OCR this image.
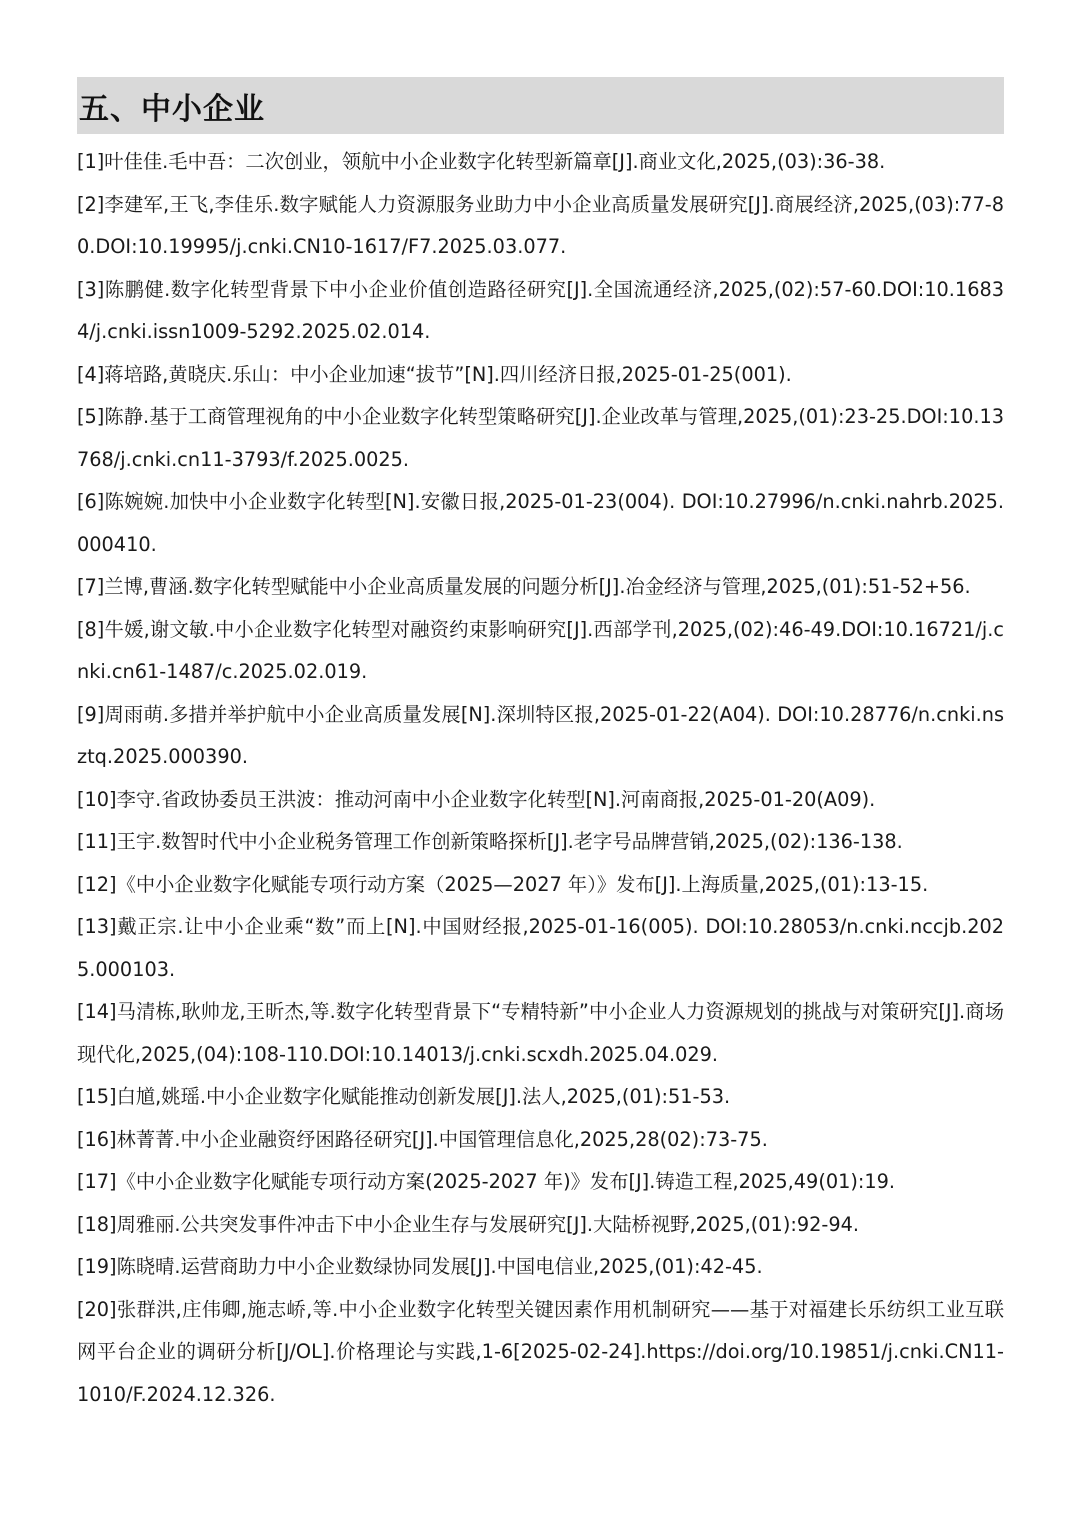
五、中小企业
[1]叶佳佳.毛中吾：二次创业，领航中小企业数字化转型新篇章[J].商业文化,2025,(03):36-38.
[2]李建军,王飞,李佳乐.数字赋能人力资源服务业助力中小企业高质量发展研究[J].商展经济,2025,(03):77-80.DOI:10.19995/j.cnki.CN10-1617/F7.2025.03.077.
[3]陈鹏健.数字化转型背景下中小企业价值创造路径研究[J].全国流通经济,2025,(02):57-60.DOI:10.16834/j.cnki.issn1009-5292.2025.02.014.
[4]蒋培路,黄晓庆.乐山：中小企业加速“拔节”[N].四川经济日报,2025-01-25(001).
[5]陈静.基于工商管理视角的中小企业数字化转型策略研究[J].企业改革与管理,2025,(01):23-25.DOI:10.13768/j.cnki.cn11-3793/f.2025.0025.
[6]陈婉婉.加快中小企业数字化转型[N].安徽日报,2025-01-23(004). DOI:10.27996/n.cnki.nahrb.2025.000410.
[7]兰博,曹涵.数字化转型赋能中小企业高质量发展的问题分析[J].冶金经济与管理,2025,(01):51-52+56.
[8]牛媛,谢文敏.中小企业数字化转型对融资约束影响研究[J].西部学刊,2025,(02):46-49.DOI:10.16721/j.cnki.cn61-1487/c.2025.02.019.
[9]周雨萌.多措并举护航中小企业高质量发展[N].深圳特区报,2025-01-22(A04). DOI:10.28776/n.cnki.nsztq.2025.000390.
[10]李守.省政协委员王洪波：推动河南中小企业数字化转型[N].河南商报,2025-01-20(A09).
[11]王宇.数智时代中小企业税务管理工作创新策略探析[J].老字号品牌营销,2025,(02):136-138.
[12]《中小企业数字化赋能专项行动方案（2025—2027 年）》发布[J].上海质量,2025,(01):13-15.
[13]戴正宗.让中小企业乘“数”而上[N].中国财经报,2025-01-16(005). DOI:10.28053/n.cnki.nccjb.2025.000103.
[14]马清栋,耿帅龙,王昕杰,等.数字化转型背景下“专精特新”中小企业人力资源规划的挑战与对策研究[J].商场现代化,2025,(04):108-110.DOI:10.14013/j.cnki.scxdh.2025.04.029.
[15]白馗,姚瑶.中小企业数字化赋能推动创新发展[J].法人,2025,(01):51-53.
[16]林菁菁.中小企业融资纾困路径研究[J].中国管理信息化,2025,28(02):73-75.
[17]《中小企业数字化赋能专项行动方案(2025-2027 年)》发布[J].铸造工程,2025,49(01):19.
[18]周雅丽.公共突发事件冲击下中小企业生存与发展研究[J].大陆桥视野,2025,(01):92-94.
[19]陈晓晴.运营商助力中小企业数绿协同发展[J].中国电信业,2025,(01):42-45.
[20]张群洪,庄伟卿,施志峤,等.中小企业数字化转型关键因素作用机制研究——基于对福建长乐纺织工业互联网平台企业的调研分析[J/OL].价格理论与实践,1-6[2025-02-24].https://doi.org/10.19851/j.cnki.CN11-1010/F.2024.12.326.
